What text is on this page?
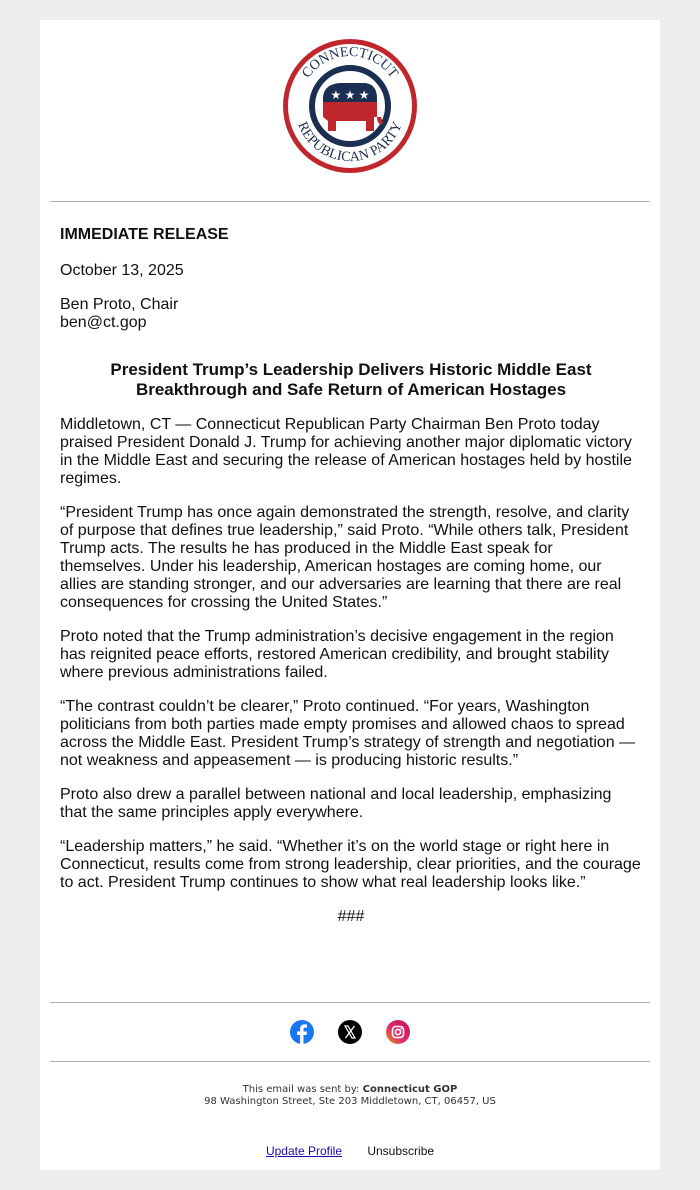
CONNECTICUT
REPUBLICAN PARTY
★ ★ ★

IMMEDIATE RELEASE

October 13, 2025

Ben Proto, Chair

ben@ct.gop

President Trump’s Leadership Delivers Historic Middle East Breakthrough and Safe Return of American Hostages

Middletown, CT — Connecticut Republican Party Chairman Ben Proto today praised President Donald J. Trump for achieving another major diplomatic victory in the Middle East and securing the release of American hostages held by hostile regimes.

“President Trump has once again demonstrated the strength, resolve, and clarity of purpose that defines true leadership,” said Proto. “While others talk, President Trump acts. The results he has produced in the Middle East speak for themselves. Under his leadership, American hostages are coming home, our allies are standing stronger, and our adversaries are learning that there are real consequences for crossing the United States.”

Proto noted that the Trump administration’s decisive engagement in the region has reignited peace efforts, restored American credibility, and brought stability where previous administrations failed.

“The contrast couldn’t be clearer,” Proto continued. “For years, Washington politicians from both parties made empty promises and allowed chaos to spread across the Middle East. President Trump’s strategy of strength and negotiation — not weakness and appeasement — is producing historic results.”

Proto also drew a parallel between national and local leadership, emphasizing that the same principles apply everywhere.

“Leadership matters,” he said. “Whether it’s on the world stage or right here in Connecticut, results come from strong leadership, clear priorities, and the courage to act. President Trump continues to show what real leadership looks like.”

###

This email was sent by: Connecticut GOP
98 Washington Street, Ste 203 Middletown, CT, 06457, US
Update Profile Unsubscribe
